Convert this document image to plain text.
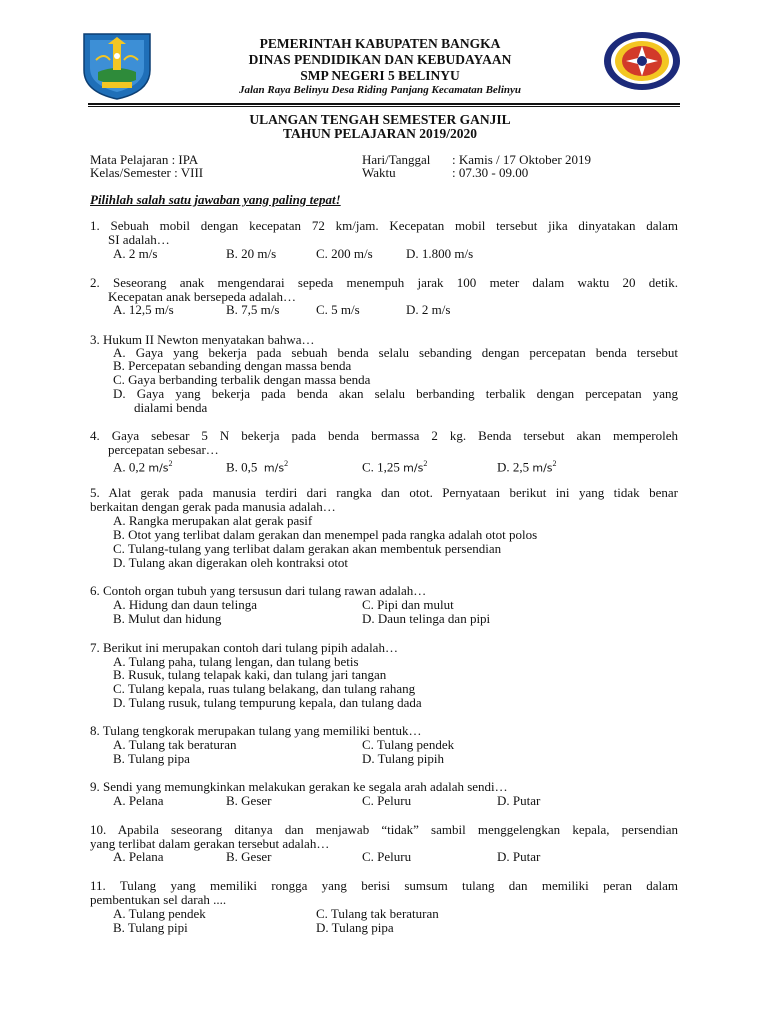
PEMERINTAH KABUPATEN BANGKA
DINAS PENDIDIKAN DAN KEBUDAYAAN
SMP NEGERI 5 BELINYU
Jalan Raya Belinyu Desa Riding Panjang Kecamatan Belinyu
ULANGAN TENGAH SEMESTER GANJIL
TAHUN PELAJARAN 2019/2020
Mata Pelajaran : IPA
Kelas/Semester : VIII
Hari/Tanggal : Kamis / 17 Oktober 2019
Waktu	: 07.30 - 09.00
Pilihlah salah satu jawaban yang paling tepat!
1. Sebuah mobil dengan kecepatan 72 km/jam. Kecepatan mobil tersebut jika dinyatakan dalam
SI adalah…
A. 2 m/s	B. 20 m/s	C. 200 m/s	D. 1.800 m/s
2. Seseorang anak mengendarai sepeda menempuh jarak 100 meter dalam waktu 20 detik.
Kecepatan anak bersepeda adalah…
A. 12,5 m/s	B. 7,5 m/s	C. 5 m/s	D. 2 m/s
3. Hukum II Newton menyatakan bahwa…
A. Gaya yang bekerja pada sebuah benda selalu sebanding dengan percepatan benda tersebut
B. Percepatan sebanding dengan massa benda
C. Gaya berbanding terbalik dengan massa benda
D. Gaya yang bekerja pada benda akan selalu berbanding terbalik dengan percepatan yang
dialami benda
4. Gaya sebesar 5 N bekerja pada benda bermassa 2 kg. Benda tersebut akan memperoleh
percepatan sebesar…
A. 0,2 $m/s^2$	B. 0,5 $m/s^2$	C. 1,25 $m/s^2$	D. 2,5 $m/s^2$
5. Alat gerak pada manusia terdiri dari rangka dan otot. Pernyataan berikut ini yang tidak benar
berkaitan dengan gerak pada manusia adalah…
A. Rangka merupakan alat gerak pasif
B. Otot yang terlibat dalam gerakan dan menempel pada rangka adalah otot polos
C. Tulang-tulang yang terlibat dalam gerakan akan membentuk persendian
D. Tulang akan digerakan oleh kontraksi otot
6. Contoh organ tubuh yang tersusun dari tulang rawan adalah…
A. Hidung dan daun telinga
B. Mulut dan hidung
C. Pipi dan mulut
D. Daun telinga dan pipi
7. Berikut ini merupakan contoh dari tulang pipih adalah…
A. Tulang paha, tulang lengan, dan tulang betis
B. Rusuk, tulang telapak kaki, dan tulang jari tangan
C. Tulang kepala, ruas tulang belakang, dan tulang rahang
D. Tulang rusuk, tulang tempurung kepala, dan tulang dada
8. Tulang tengkorak merupakan tulang yang memiliki bentuk…
A. Tulang tak beraturan
B. Tulang pipa
C. Tulang pendek
D. Tulang pipih
9. Sendi yang memungkinkan melakukan gerakan ke segala arah adalah sendi…
A. Pelana	B. Geser	C. Peluru	D. Putar
10. Apabila seseorang ditanya dan menjawab “tidak” sambil menggelengkan kepala, persendian
yang terlibat dalam gerakan tersebut adalah…
A. Pelana	B. Geser	C. Peluru	D. Putar
11. Tulang yang memiliki rongga yang berisi sumsum tulang dan memiliki peran dalam
pembentukan sel darah ....
A. Tulang pendek
B. Tulang pipi
C. Tulang tak beraturan
D. Tulang pipa
